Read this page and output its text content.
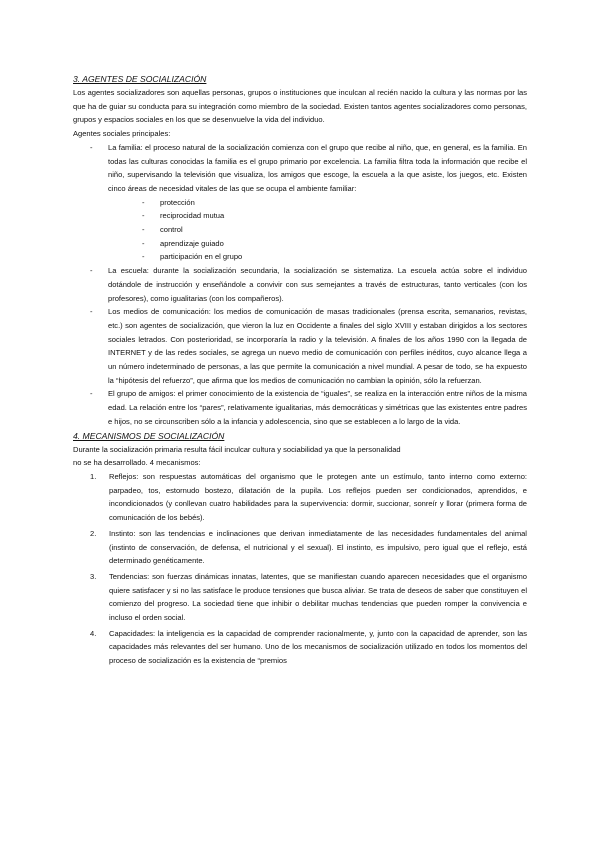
3. AGENTES DE SOCIALIZACIÓN

Los agentes socializadores son aquellas personas, grupos o instituciones que inculcan al recién nacido la cultura y las normas por las que ha de guiar su conducta para su integración como miembro de la sociedad. Existen tantos agentes socializadores como personas, grupos y espacios sociales en los que se desenvuelve la vida del individuo.

Agentes sociales principales:

- La familia: el proceso natural de la socialización comienza con el grupo que recibe al niño, que, en general, es la familia. En todas las culturas conocidas la familia es el grupo primario por excelencia. La familia filtra toda la información que recibe el niño, supervisando la televisión que visualiza, los amigos que escoge, la escuela a la que asiste, los juegos, etc. Existen cinco áreas de necesidad vitales de las que se ocupa el ambiente familiar:
- protección
- reciprocidad mutua
- control
- aprendizaje guiado
- participación en el grupo
- La escuela: durante la socialización secundaria, la socialización se sistematiza. La escuela actúa sobre el individuo dotándole de instrucción y enseñándole a convivir con sus semejantes a través de estructuras, tanto verticales (con los profesores), como igualitarias (con los compañeros).
- Los medios de comunicación: los medios de comunicación de masas tradicionales (prensa escrita, semanarios, revistas, etc.) son agentes de socialización, que vieron la luz en Occidente a finales del siglo XVIII y estaban dirigidos a los sectores sociales letrados. Con posterioridad, se incorporaría la radio y la televisión. A finales de los años 1990 con la llegada de INTERNET y de las redes sociales, se agrega un nuevo medio de comunicación con perfiles inéditos, cuyo alcance llega a un número indeterminado de personas, a las que permite la comunicación a nivel mundial. A pesar de todo, se ha expuesto la “hipótesis del refuerzo”, que afirma que los medios de comunicación no cambian la opinión, sólo la refuerzan.
- El grupo de amigos: el primer conocimiento de la existencia de “iguales”, se realiza en la interacción entre niños de la misma edad. La relación entre los “pares”, relativamente igualitarias, más democráticas y simétricas que las existentes entre padres e hijos, no se circunscriben sólo a la infancia y adolescencia, sino que se establecen a lo largo de la vida.

4. MECANISMOS DE SOCIALIZACIÓN

Durante la socialización primaria resulta fácil inculcar cultura y sociabilidad ya que la personalidad

no se ha desarrollado. 4 mecanismos:

1. Reflejos: son respuestas automáticas del organismo que le protegen ante un estímulo, tanto interno como externo: parpadeo, tos, estornudo bostezo, dilatación de la pupila. Los reflejos pueden ser condicionados, aprendidos, e incondicionados (y conllevan cuatro habilidades para la supervivencia: dormir, succionar, sonreír y llorar (primera forma de comunicación de los bebés).
2. Instinto: son las tendencias e inclinaciones que derivan inmediatamente de las necesidades fundamentales del animal (instinto de conservación, de defensa, el nutricional y el sexual). El instinto, es impulsivo, pero igual que el reflejo, está determinado genéticamente.
3. Tendencias: son fuerzas dinámicas innatas, latentes, que se manifiestan cuando aparecen necesidades que el organismo quiere satisfacer y si no las satisface le produce tensiones que busca aliviar. Se trata de deseos de saber que constituyen el comienzo del progreso. La sociedad tiene que inhibir o debilitar muchas tendencias que pueden romper la convivencia e incluso el orden social.
4. Capacidades: la inteligencia es la capacidad de comprender racionalmente, y, junto con la capacidad de aprender, son las capacidades más relevantes del ser humano. Uno de los mecanismos de socialización utilizado en todos los momentos del proceso de socialización es la existencia de “premios
